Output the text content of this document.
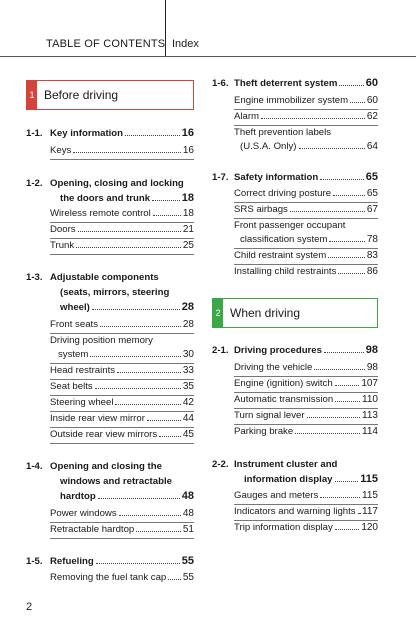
TABLE OF CONTENTS Index
1 Before driving
1-1. Key information	16
Keys	16
1-2. Opening, closing and locking
the doors and trunk	18
Wireless remote control	18
Doors	21
Trunk	25
1-3. Adjustable components
(seats, mirrors, steering
wheel)	28
Front seats	28
Driving position memory
system	30
Head restraints	33
Seat belts	35
Steering wheel	42
Inside rear view mirror	44
Outside rear view mirrors	45
1-4. Opening and closing the
windows and retractable
hardtop	48
Power windows	48
Retractable hardtop	51
1-5. Refueling	55
Removing the fuel tank cap 55
1-6. Theft deterrent system	60
Engine immobilizer system 60
Alarm	62
Theft prevention labels
(U.S.A. Only)	64
1-7. Safety information	65
Correct driving posture	65
SRS airbags	67
Front passenger occupant
classification system	78
Child restraint system	83
Installing child restraints	86
2 When driving
2-1. Driving procedures	98
Driving the vehicle	98
Engine (ignition) switch	107
Automatic transmission	110
Turn signal lever	113
Parking brake	114
2-2. Instrument cluster and
information display	115
Gauges and meters	115
Indicators and warning lights 117
Trip information display	120
2
